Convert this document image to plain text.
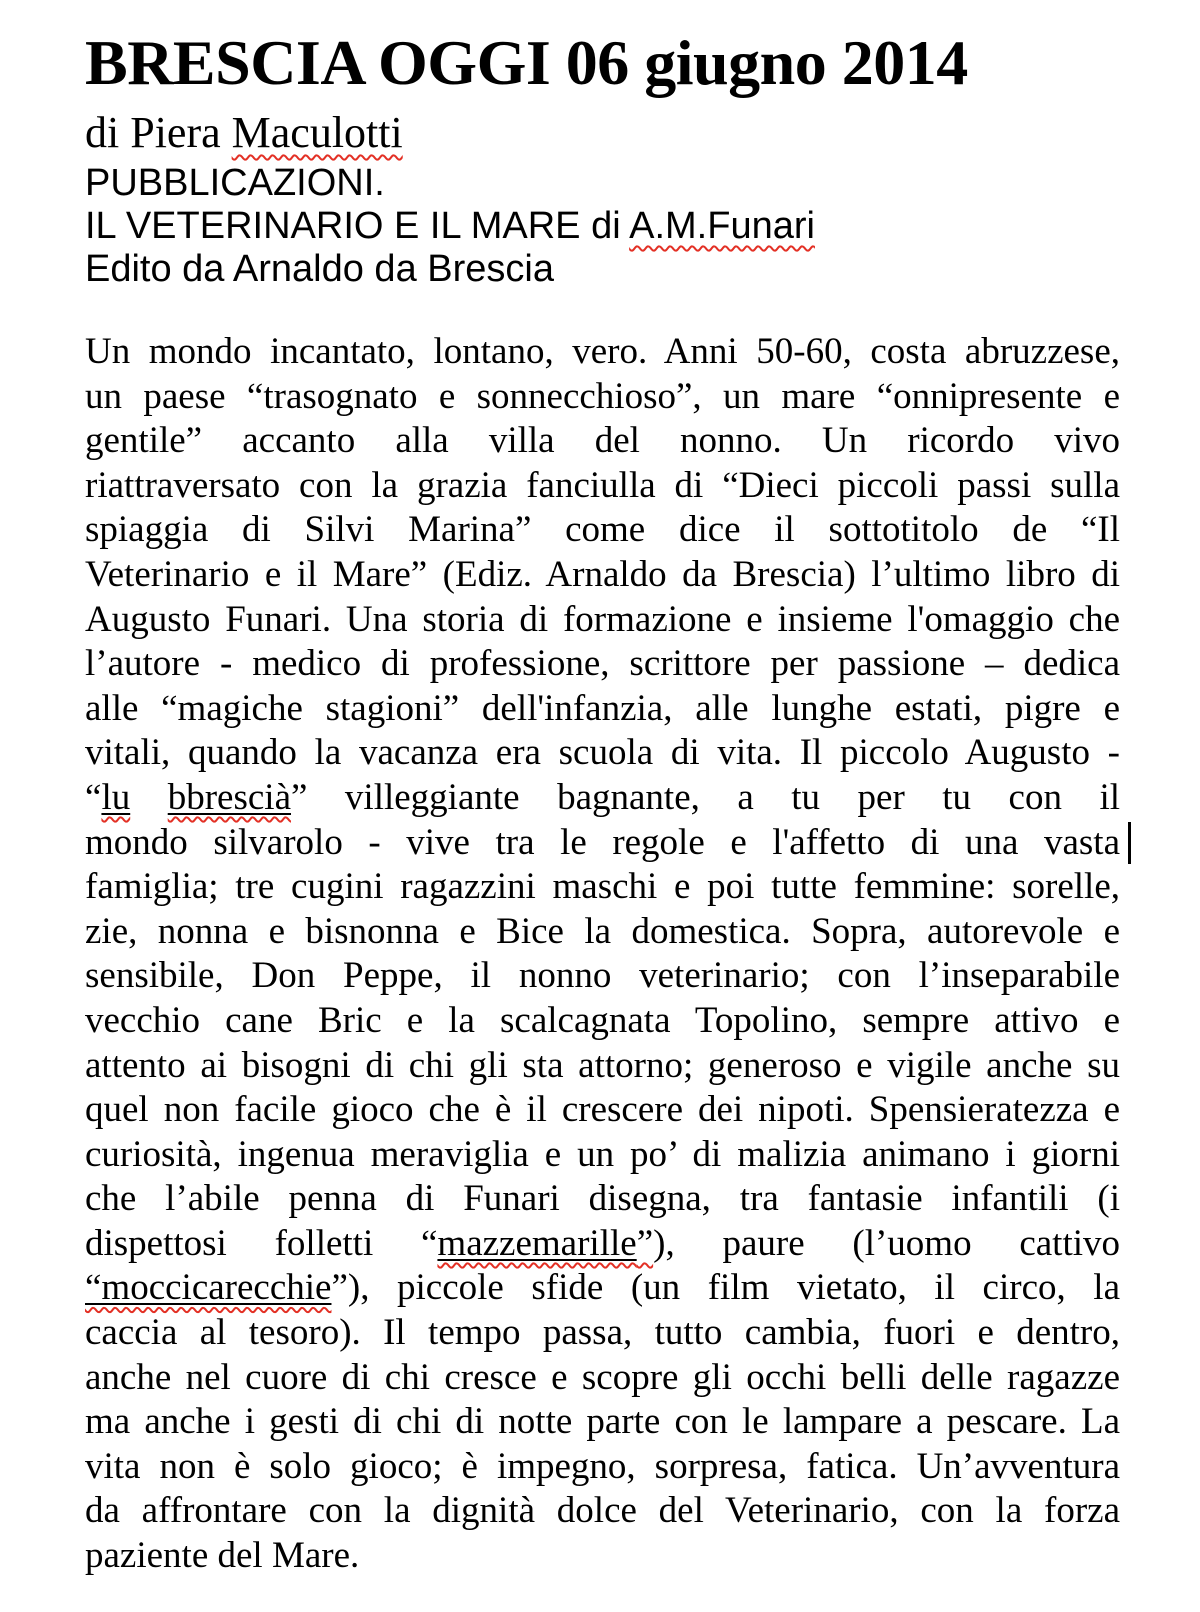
BRESCIA OGGI 06 giugno 2014
di Piera Maculotti
PUBBLICAZIONI.
IL VETERINARIO E IL MARE di A.M.Funari
Edito da Arnaldo da Brescia
Un mondo incantato, lontano, vero. Anni 50-60, costa abruzzese,
un paese “trasognato e sonnecchioso”, un mare “onnipresente e
gentile” accanto alla villa del nonno. Un ricordo vivo
riattraversato con la grazia fanciulla di “Dieci piccoli passi sulla
spiaggia di Silvi Marina” come dice il sottotitolo de “Il
Veterinario e il Mare” (Ediz. Arnaldo da Brescia) l’ultimo libro di
Augusto Funari. Una storia di formazione e insieme l'omaggio che
l’autore - medico di professione, scrittore per passione – dedica
alle “magiche stagioni” dell'infanzia, alle lunghe estati, pigre e
vitali, quando la vacanza era scuola di vita. Il piccolo Augusto -
“lu bbrescià” villeggiante bagnante, a tu per tu con il
mondo silvarolo - vive tra le regole e l'affetto di una vasta
famiglia; tre cugini ragazzini maschi e poi tutte femmine: sorelle,
zie, nonna e bisnonna e Bice la domestica. Sopra, autorevole e
sensibile, Don Peppe, il nonno veterinario; con l’inseparabile
vecchio cane Bric e la scalcagnata Topolino, sempre attivo e
attento ai bisogni di chi gli sta attorno; generoso e vigile anche su
quel non facile gioco che è il crescere dei nipoti. Spensieratezza e
curiosità, ingenua meraviglia e un po’ di malizia animano i giorni
che l’abile penna di Funari disegna, tra fantasie infantili (i
dispettosi folletti “mazzemarille”), paure (l’uomo cattivo
“moccicarecchie”), piccole sfide (un film vietato, il circo, la
caccia al tesoro). Il tempo passa, tutto cambia, fuori e dentro,
anche nel cuore di chi cresce e scopre gli occhi belli delle ragazze
ma anche i gesti di chi di notte parte con le lampare a pescare. La
vita non è solo gioco; è impegno, sorpresa, fatica. Un’avventura
da affrontare con la dignità dolce del Veterinario, con la forza
paziente del Mare.
